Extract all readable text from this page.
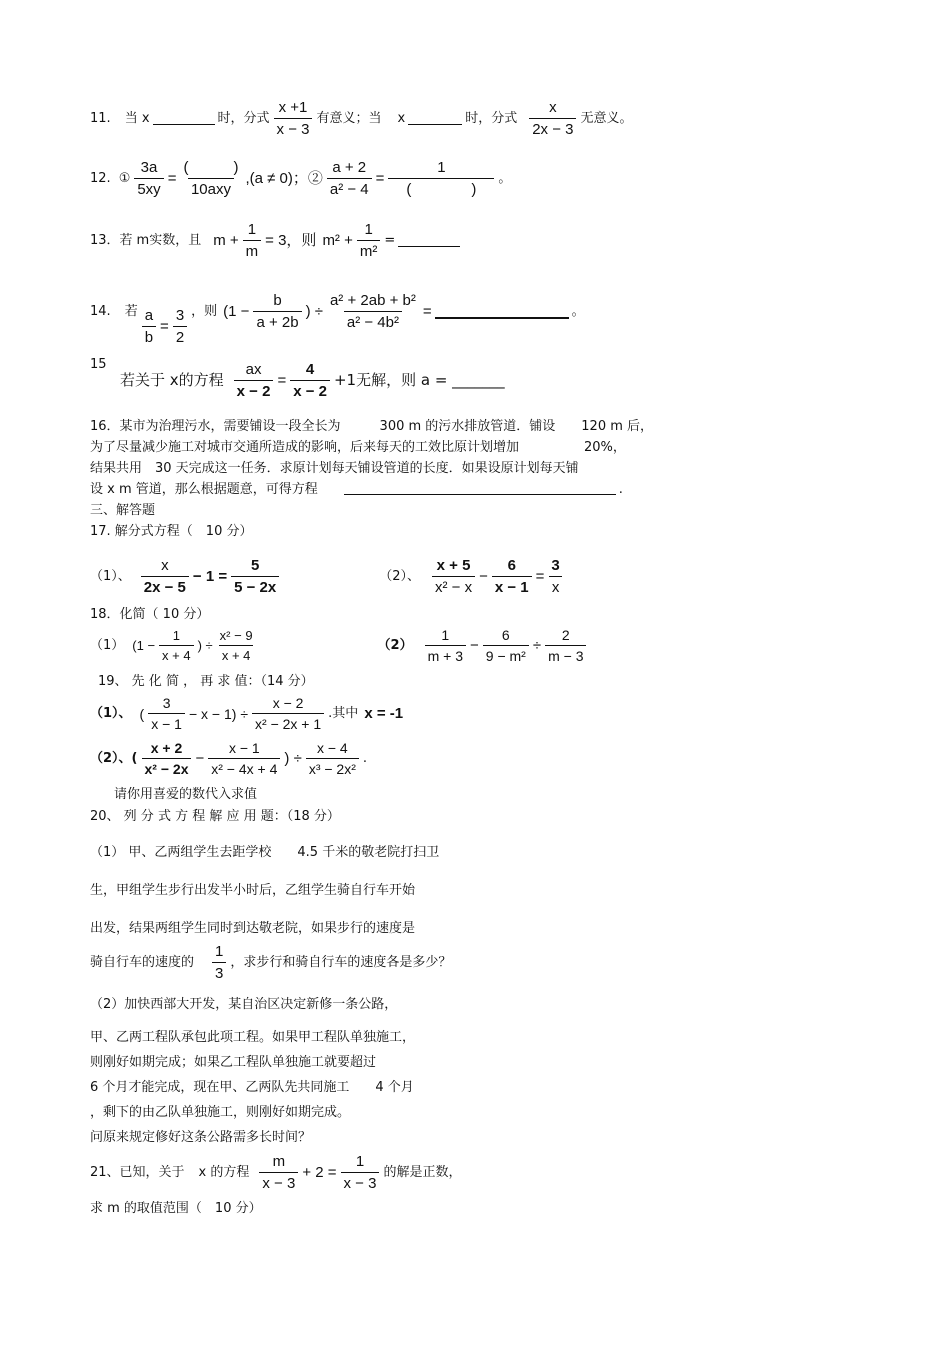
11. 当 x	时，分式 $\frac{x +1}{x - 3}$ 有意义；当 x	时，分式 $\frac{x}{2x - 3}$ 无意义。
12. ① $\frac{3a}{5xy} = \frac{( )}{\text{10axy}} ,(a \ne 0)$；② $\frac{a + 2}{\text{a² − 4}} = \frac{1}{( )}$ 。
13．若 m实数，且 $m + \frac{1}{m} = 3$，则 $m^2 + \frac{1}{\text{m²}}$ =
14. 若 $\frac{a}{b} = \frac{3}{2}$ ，则 ($1 - \frac{b}{a + 2b}$ ) ÷ $\frac{\text{a² + 2ab + b²}}{\text{a² − 4b²}}$ =	。
15
若关于 x的方程 $\frac{ax}{x - 2} = \frac{4}{x - 2} +1$无解，则 a = _______
16．某市为治理污水，需要铺设一段全长为　　　300 m 的污水排放管道．铺设　　120 m 后，
为了尽量减少施工对城市交通所造成的影响，后来每天的工效比原计划增加　　　　　20%，
结果共用　30 天完成这一任务．求原计划每天铺设管道的长度．如果设原计划每天铺
设 x m 管道，那么根据题意，可得方程	.
三、解答题
17. 解分式方程（　10 分）
（1）、 $\frac{x}{2x - 5} - 1 = \frac{5}{5 - 2x}$	（2）、 $\frac{x + 5}{\text{x² − x}} - \frac{6}{x - 1} = \frac{3}{x}$
18．化简（ 10 分）
（1） ($1 - \frac{1}{x + 4}$ ) ÷ $\frac{\text{x² − 9}}{x + 4}$	$(2) \frac{1}{m + 3} - \frac{6}{\text{9 − m²}} \div \frac{2}{m - 3}$
19、 先 化 简 ， 再 求 值：（14 分）
（1）、 ( $\frac{3}{x - 1} - x - 1) \div \frac{x - 2}{\text{x² − 2x + 1}}$ .其中 x = -1
（2）、( $\frac{x + 2}{\text{x² − 2x}} - \frac{x - 1}{\text{x² − 4x + 4}}$ ) ÷ $\frac{x - 4}{\text{x³ − 2x²}}$ .
请你用喜爱的数代入求值
20、 列 分 式 方 程 解 应 用 题：（18 分）
（1） 甲、乙两组学生去距学校　　4.5 千米的敬老院打扫卫
生，甲组学生步行出发半小时后，乙组学生骑自行车开始
出发，结果两组学生同时到达敬老院，如果步行的速度是
骑自行车的速度的 $\frac{1}{3}$ ，求步行和骑自行车的速度各是多少？
（2）加快西部大开发，某自治区决定新修一条公路，
甲、乙两工程队承包此项工程。如果甲工程队单独施工，
则刚好如期完成；如果乙工程队单独施工就要超过
6 个月才能完成，现在甲、乙两队先共同施工　　4 个月
，剩下的由乙队单独施工，则刚好如期完成。
问原来规定修好这条公路需多长时间？
21、已知，关于 x 的方程 $\frac{m}{x - 3} + 2 = \frac{1}{x - 3}$ 的解是正数，
求 m 的取值范围（　10 分）
